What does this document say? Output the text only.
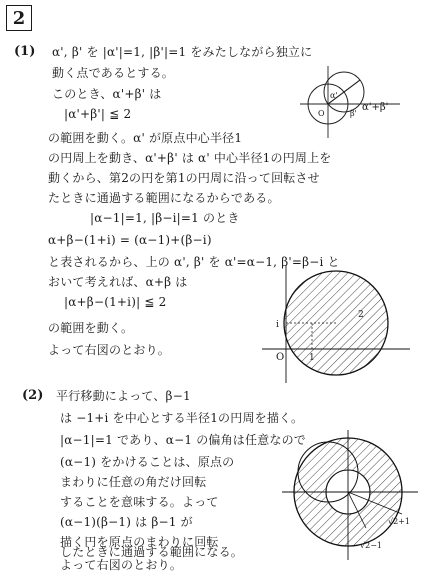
2
(1) α', β' を |α'|=1, |β'|=1 をみたしながら独立に
動く点であるとする。
このとき、α'+β' は
|α'+β'| ≦ 2
の範囲を動く。α' が原点中心半径1
の円周上を動き、α'+β' は α' 中心半径1の円周上を
動くから、第2の円を第1の円周に沿って回転させ
たときに通過する範囲になるからである。
|α−1|=1, |β−i|=1 のとき
α+β−(1+i) = (α−1)+(β−i)
と表されるから、上の α', β' を α'=α−1, β'=β−i と
おいて考えれば、α+β は
|α+β−(1+i)| ≦ 2
の範囲を動く。
よって右図のとおり。
α'+β'
α'
β'
O
O	1
i
2
(2) 平行移動によって、β−1
は −1+i を中心とする半径1の円周を描く。
|α−1|=1 であり、α−1 の偏角は任意なので
(α−1) をかけることは、原点の
まわりに任意の角だけ回転
することを意味する。よって
(α−1)(β−1) は β−1 が
描く円を原点のまわりに回転
したときに通過する範囲になる。
よって右図のとおり。
√2+1
√2−1
